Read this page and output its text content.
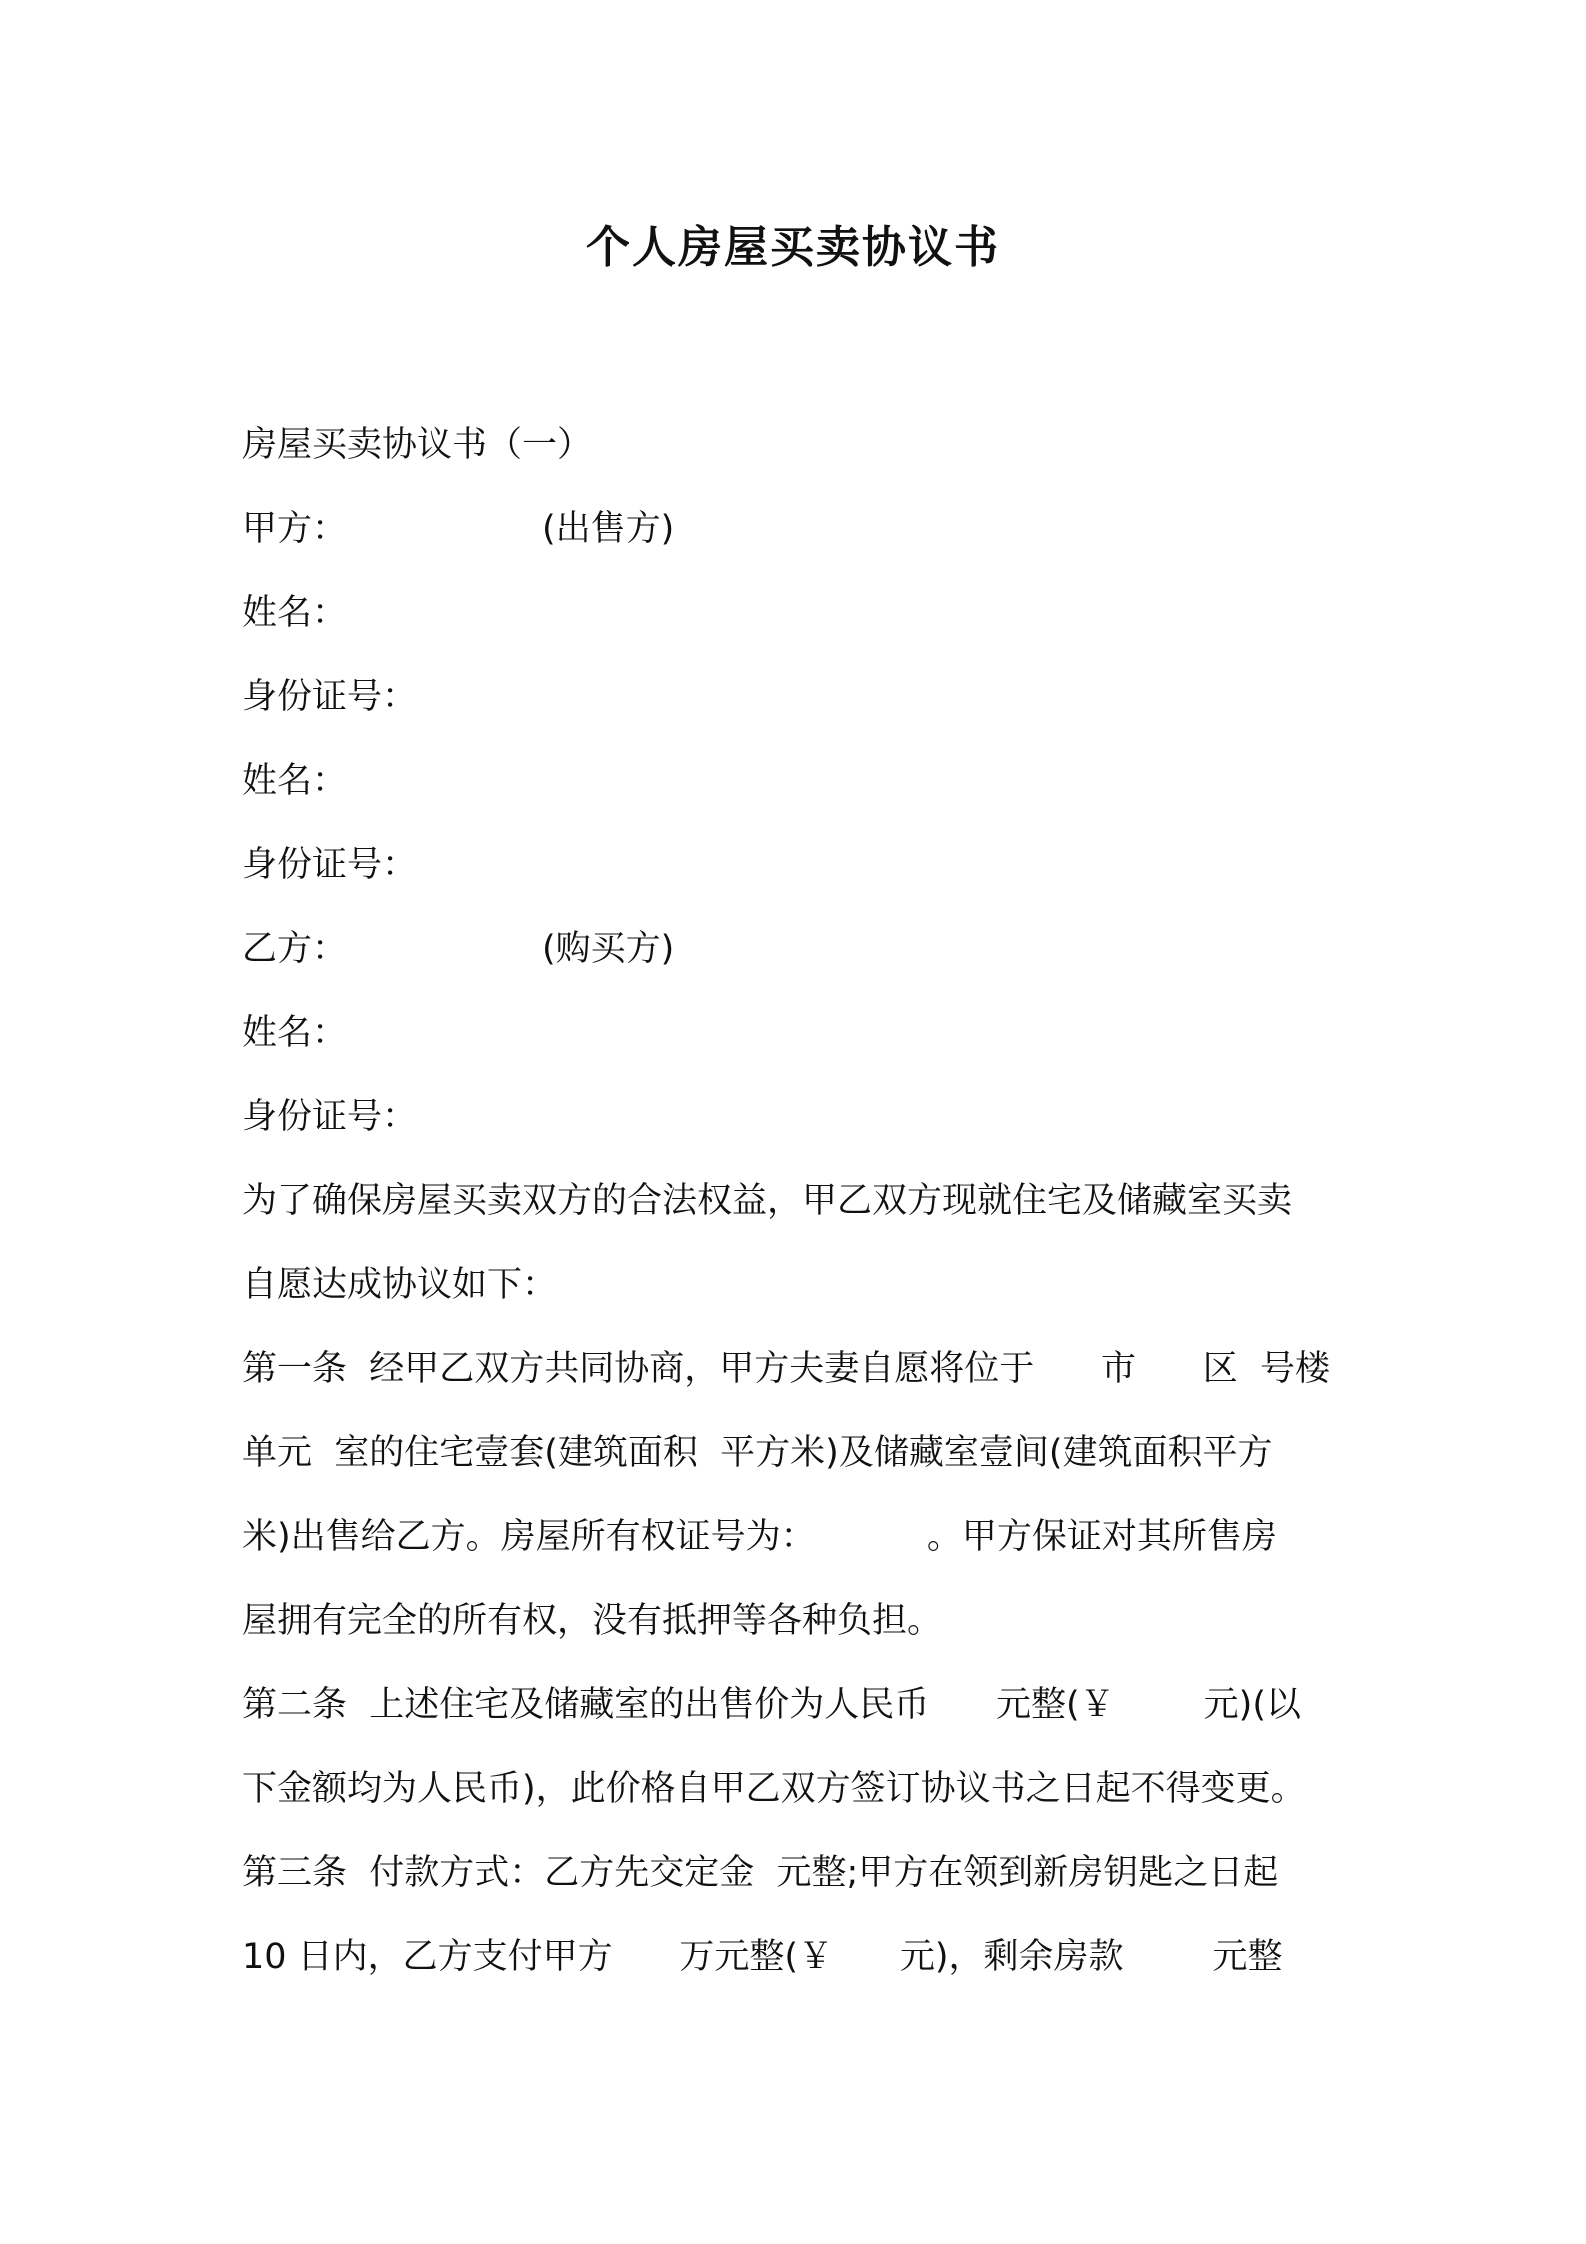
个人房屋买卖协议书
房屋买卖协议书（一）
甲方：	(出售方)
姓名：
身份证号：
姓名：
身份证号：
乙方：	(购买方)
姓名：
身份证号：
为了确保房屋买卖双方的合法权益，甲乙双方现就住宅及储藏室买卖
自愿达成协议如下：
第一条  经甲乙双方共同协商，甲方夫妻自愿将位于      市      区  号楼
单元  室的住宅壹套(建筑面积  平方米)及储藏室壹间(建筑面积平方
米)出售给乙方。房屋所有权证号为：          。甲方保证对其所售房
屋拥有完全的所有权，没有抵押等各种负担。
第二条  上述住宅及储藏室的出售价为人民币      元整(￥        元)(以
下金额均为人民币)，此价格自甲乙双方签订协议书之日起不得变更。
第三条  付款方式：乙方先交定金  元整;甲方在领到新房钥匙之日起
10 日内，乙方支付甲方      万元整(￥      元)，剩余房款        元整
